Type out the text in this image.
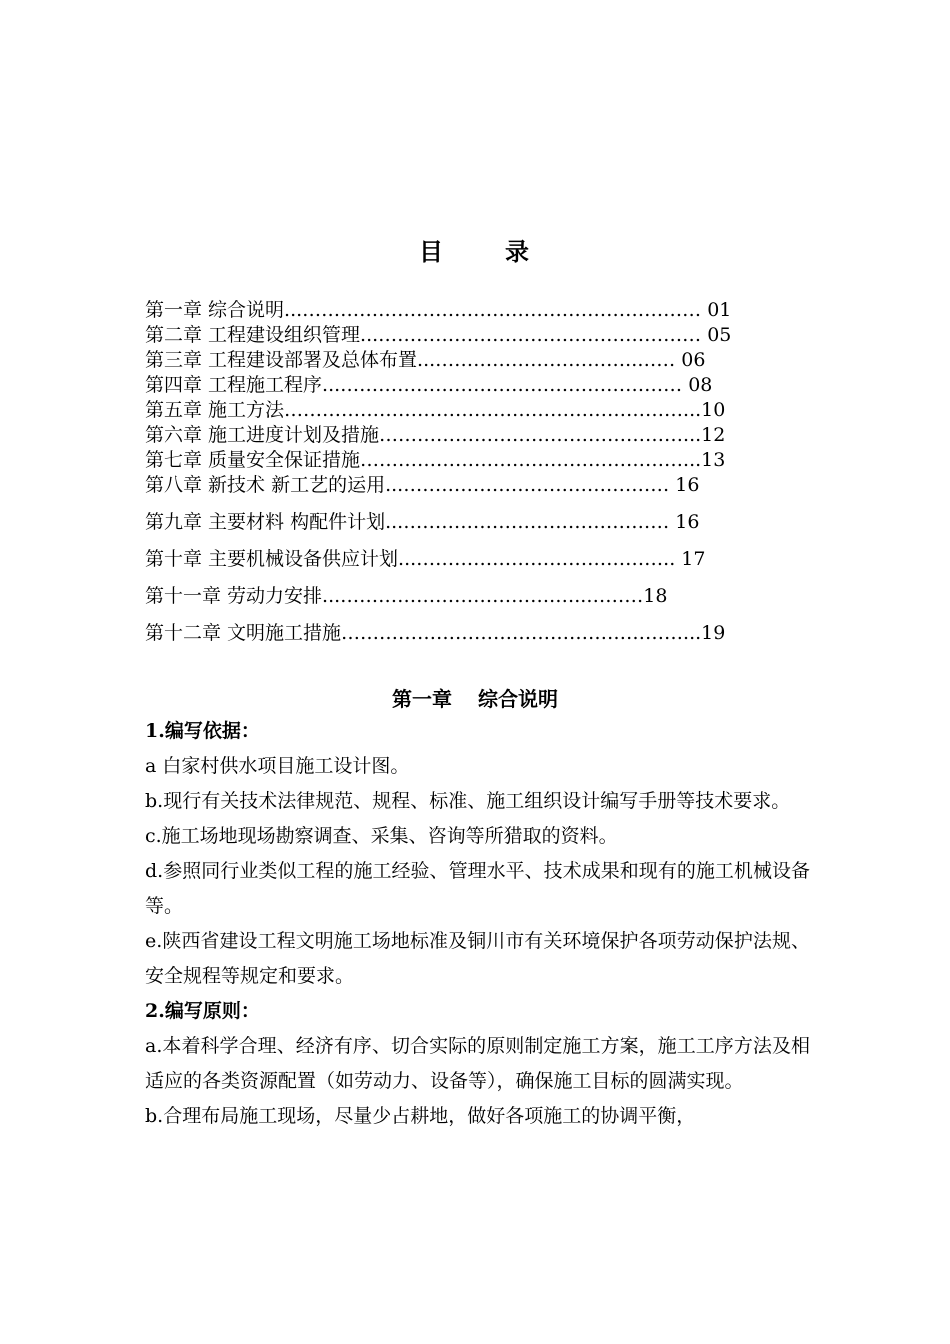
目	录
第一章 综合说明...……………………………………………………… 01
第二章 工程建设组织管理...…………………………………………… 05
第三章 工程建设部署及总体布置...…………………………..…… 06
第四章 工程施工程序...……………………………………………… 08
第五章 施工方法………………………………………………………...10
第六章 施工进度计划及措施…………………………………………...12
第七章 质量安全保证措施……………………………………………...13
第八章 新技术 新工艺的运用...…………………………………… 16
第九章 主要材料 构配件计划...…………………………………… 16
第十章 主要机械设备供应计划...………………………………….. 17
第十一章 劳动力安排...…………………………….…..………18
第十二章 文明施工措施………………………………………………...19
第一章 综合说明

1.编写依据：

a 白家村供水项目施工设计图。

b.现行有关技术法律规范、规程、标准、施工组织设计编写手册等技术要求。

c.施工场地现场勘察调查、采集、咨询等所猎取的资料。

d.参照同行业类似工程的施工经验、管理水平、技术成果和现有的施工机械设备等。

e.陕西省建设工程文明施工场地标准及铜川市有关环境保护各项劳动保护法规、安全规程等规定和要求。

2.编写原则：

a.本着科学合理、经济有序、切合实际的原则制定施工方案，施工工序方法及相适应的各类资源配置（如劳动力、设备等），确保施工目标的圆满实现。

b.合理布局施工现场，尽量少占耕地，做好各项施工的协调平衡，
